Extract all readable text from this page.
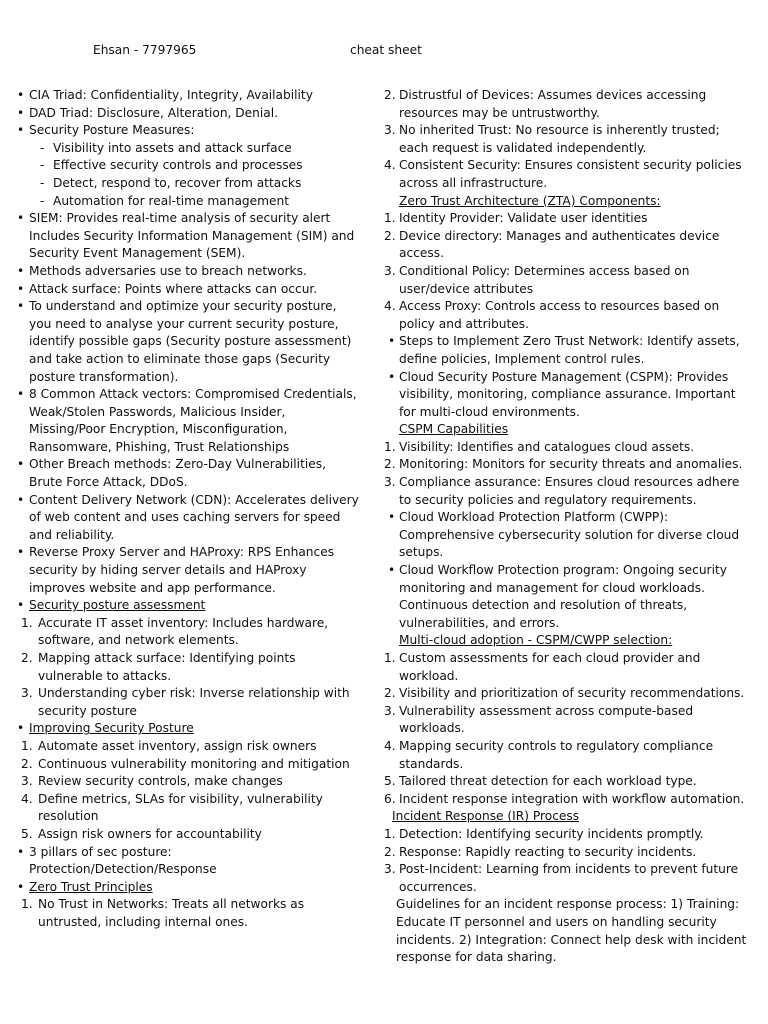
Ehsan - 7797965	cheat sheet
• CIA Triad: Confidentiality, Integrity, Availability
• DAD Triad: Disclosure, Alteration, Denial.
• Security Posture Measures:
- Visibility into assets and attack surface
- Effective security controls and processes
- Detect, respond to, recover from attacks
- Automation for real-time management
• SIEM: Provides real-time analysis of security alert Includes Security Information Management (SIM) and Security Event Management (SEM).
• Methods adversaries use to breach networks.
• Attack surface: Points where attacks can occur.
• To understand and optimize your security posture, you need to analyse your current security posture, identify possible gaps (Security posture assessment) and take action to eliminate those gaps (Security posture transformation).
• 8 Common Attack vectors: Compromised Credentials, Weak/Stolen Passwords, Malicious Insider, Missing/Poor Encryption, Misconfiguration, Ransomware, Phishing, Trust Relationships
• Other Breach methods: Zero-Day Vulnerabilities, Brute Force Attack, DDoS.
• Content Delivery Network (CDN): Accelerates delivery of web content and uses caching servers for speed and reliability.
• Reverse Proxy Server and HAProxy: RPS Enhances security by hiding server details and HAProxy improves website and app performance.
• Security posture assessment
1. Accurate IT asset inventory: Includes hardware, software, and network elements.
2. Mapping attack surface: Identifying points vulnerable to attacks.
3. Understanding cyber risk: Inverse relationship with security posture
• Improving Security Posture
1. Automate asset inventory, assign risk owners
2. Continuous vulnerability monitoring and mitigation
3. Review security controls, make changes
4. Define metrics, SLAs for visibility, vulnerability resolution
5. Assign risk owners for accountability
• 3 pillars of sec posture: Protection/Detection/Response
• Zero Trust Principles
1. No Trust in Networks: Treats all networks as untrusted, including internal ones.
2. Distrustful of Devices: Assumes devices accessing resources may be untrustworthy.
3. No inherited Trust: No resource is inherently trusted; each request is validated independently.
4. Consistent Security: Ensures consistent security policies across all infrastructure.
Zero Trust Architecture (ZTA) Components:
1. Identity Provider: Validate user identities
2. Device directory: Manages and authenticates device access.
3. Conditional Policy: Determines access based on user/device attributes
4. Access Proxy: Controls access to resources based on policy and attributes.
• Steps to Implement Zero Trust Network: Identify assets, define policies, Implement control rules.
• Cloud Security Posture Management (CSPM): Provides visibility, monitoring, compliance assurance. Important for multi-cloud environments.
CSPM Capabilities
1. Visibility: Identifies and catalogues cloud assets.
2. Monitoring: Monitors for security threats and anomalies.
3. Compliance assurance: Ensures cloud resources adhere to security policies and regulatory requirements.
• Cloud Workload Protection Platform (CWPP): Comprehensive cybersecurity solution for diverse cloud setups.
• Cloud Workflow Protection program: Ongoing security monitoring and management for cloud workloads. Continuous detection and resolution of threats, vulnerabilities, and errors.
Multi-cloud adoption - CSPM/CWPP selection:
1. Custom assessments for each cloud provider and workload.
2. Visibility and prioritization of security recommendations.
3. Vulnerability assessment across compute-based workloads.
4. Mapping security controls to regulatory compliance standards.
5. Tailored threat detection for each workload type.
6. Incident response integration with workflow automation.
Incident Response (IR) Process
1. Detection: Identifying security incidents promptly.
2. Response: Rapidly reacting to security incidents.
3. Post-Incident: Learning from incidents to prevent future occurrences.
Guidelines for an incident response process: 1) Training: Educate IT personnel and users on handling security incidents. 2) Integration: Connect help desk with incident response for data sharing.
